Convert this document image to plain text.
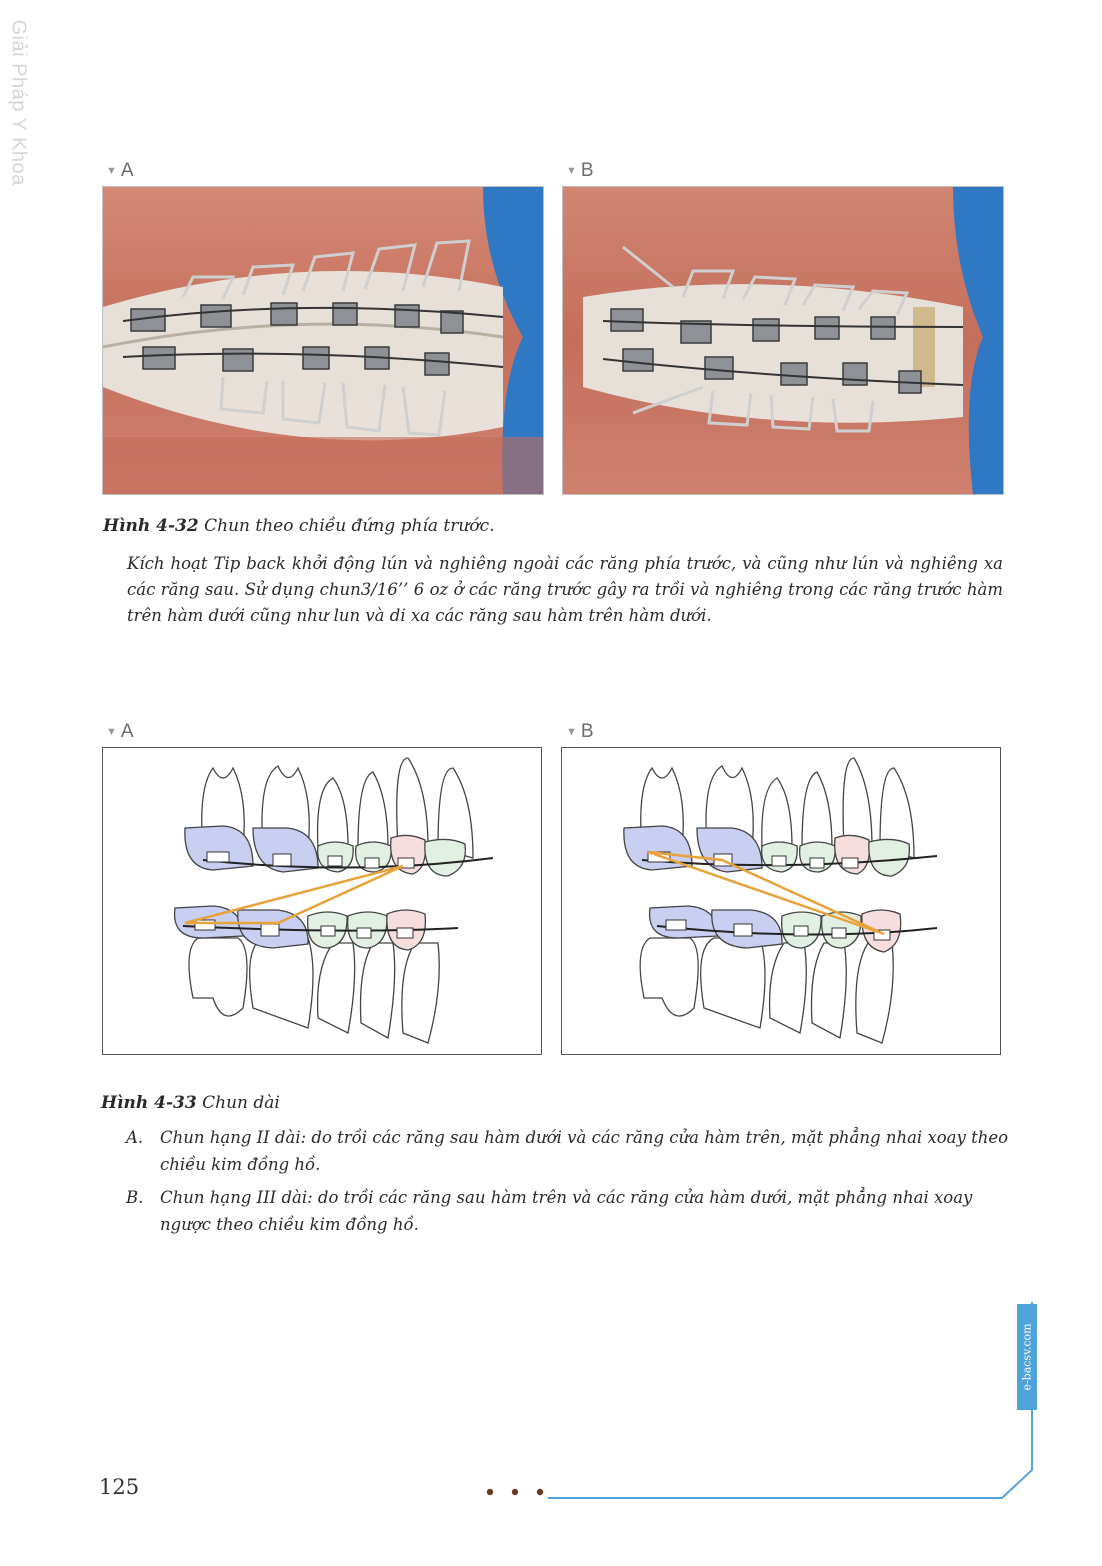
Giải Pháp Y Khoa	▼ A	▼ B
Hình 4-32 Chun theo chiều đứng phía trước.
Kích hoạt Tip back khởi động lún và nghiêng ngoài các răng phía trước, và cũng như lún và nghiêng xa các răng sau. Sử dụng chun3/16’’ 6 oz ở các răng trước gây ra trồi và nghiêng trong các răng trước hàm trên hàm dưới cũng như lun và di xa các răng sau hàm trên hàm dưới.
▼ A	▼ B
Hình 4-33 Chun dài
A. Chun hạng II dài: do trồi các răng sau hàm dưới và các răng cửa hàm trên, mặt phẳng nhai xoay theo chiều kim đồng hồ.
B. Chun hạng III dài: do trồi các răng sau hàm trên và các răng cửa hàm dưới, mặt phẳng nhai xoay ngược theo chiều kim đồng hồ.
e-bacsy.com
125
